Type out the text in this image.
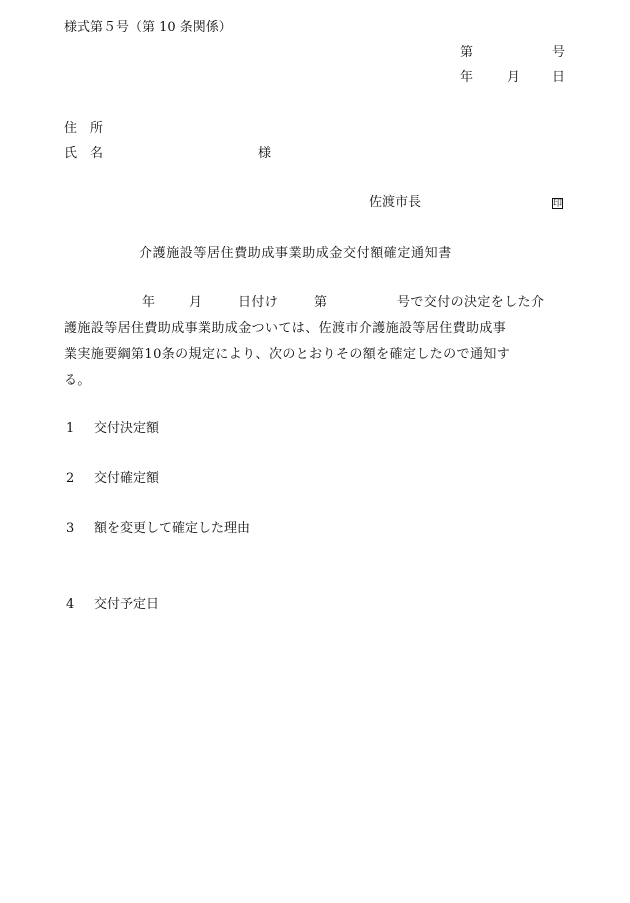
様式第５号（第 10 条関係）
第	号
年	月 日
住　所
氏　名	様
佐渡市長	印
介護施設等居住費助成事業助成金交付額確定通知書
年	月	日付け	第	号で交付の決定をした介
護施設等居住費助成事業助成金ついては、佐渡市介護施設等居住費助成事
業実施要綱第10条の規定により、次のとおりその額を確定したので通知す
る。
1 交付決定額
2 交付確定額
3 額を変更して確定した理由
4 交付予定日
